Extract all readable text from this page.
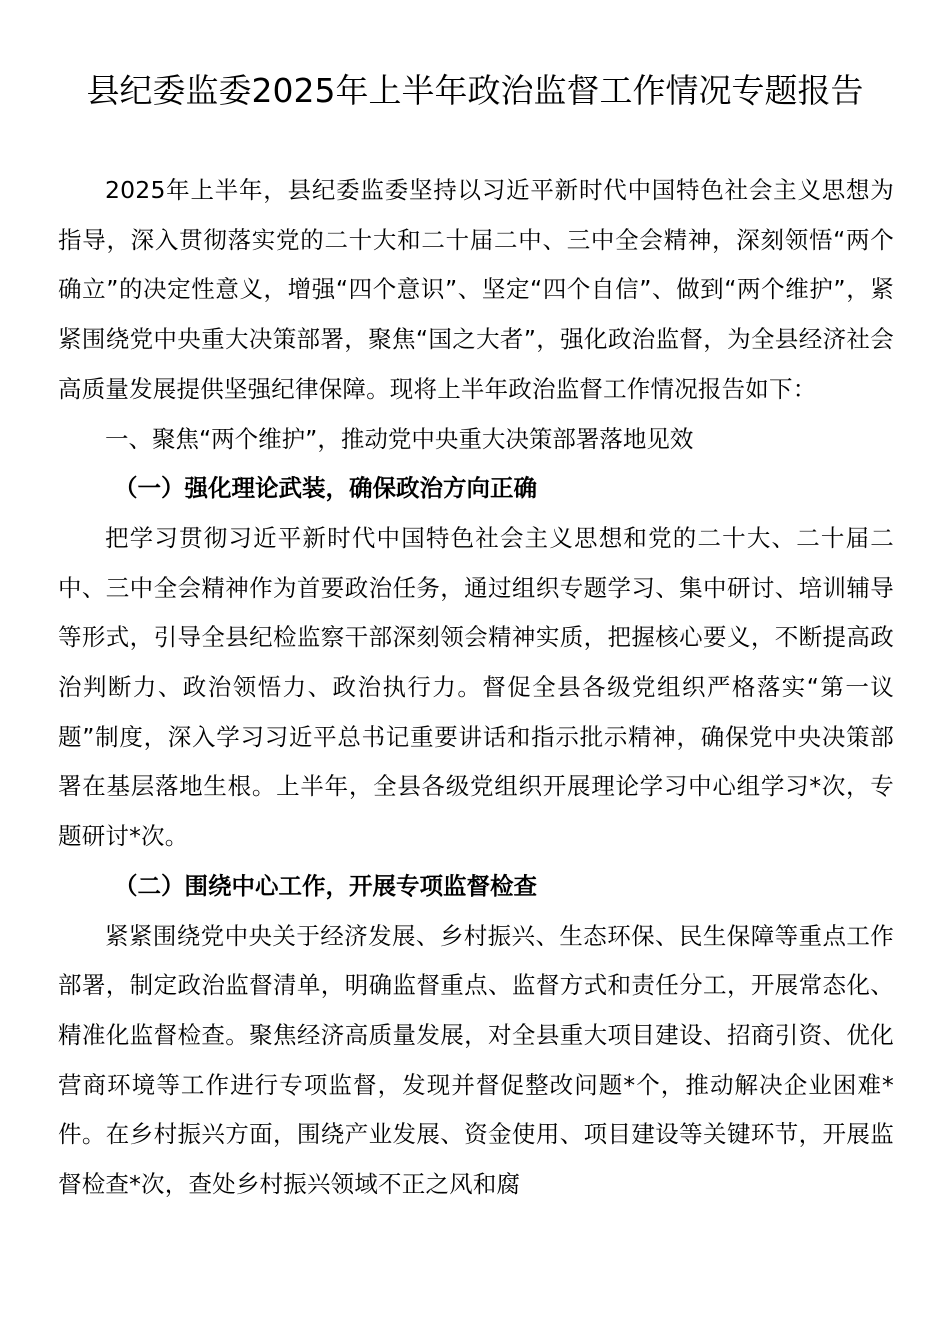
县纪委监委2025年上半年政治监督工作情况专题报告

2025年上半年，县纪委监委坚持以习近平新时代中国特色社会主义思想为指导，深入贯彻落实党的二十大和二十届二中、三中全会精神，深刻领悟“两个确立”的决定性意义，增强“四个意识”、坚定“四个自信”、做到“两个维护”，紧紧围绕党中央重大决策部署，聚焦“国之大者”，强化政治监督，为全县经济社会高质量发展提供坚强纪律保障。现将上半年政治监督工作情况报告如下：

一、聚焦“两个维护”，推动党中央重大决策部署落地见效

（一）强化理论武装，确保政治方向正确

把学习贯彻习近平新时代中国特色社会主义思想和党的二十大、二十届二中、三中全会精神作为首要政治任务，通过组织专题学习、集中研讨、培训辅导等形式，引导全县纪检监察干部深刻领会精神实质，把握核心要义，不断提高政治判断力、政治领悟力、政治执行力。督促全县各级党组织严格落实“第一议题”制度，深入学习习近平总书记重要讲话和指示批示精神，确保党中央决策部署在基层落地生根。上半年，全县各级党组织开展理论学习中心组学习*次，专题研讨*次。

（二）围绕中心工作，开展专项监督检查

紧紧围绕党中央关于经济发展、乡村振兴、生态环保、民生保障等重点工作部署，制定政治监督清单，明确监督重点、监督方式和责任分工，开展常态化、精准化监督检查。聚焦经济高质量发展，对全县重大项目建设、招商引资、优化营商环境等工作进行专项监督，发现并督促整改问题*个，推动解决企业困难*件。在乡村振兴方面，围绕产业发展、资金使用、项目建设等关键环节，开展监督检查*次，查处乡村振兴领域不正之风和腐
